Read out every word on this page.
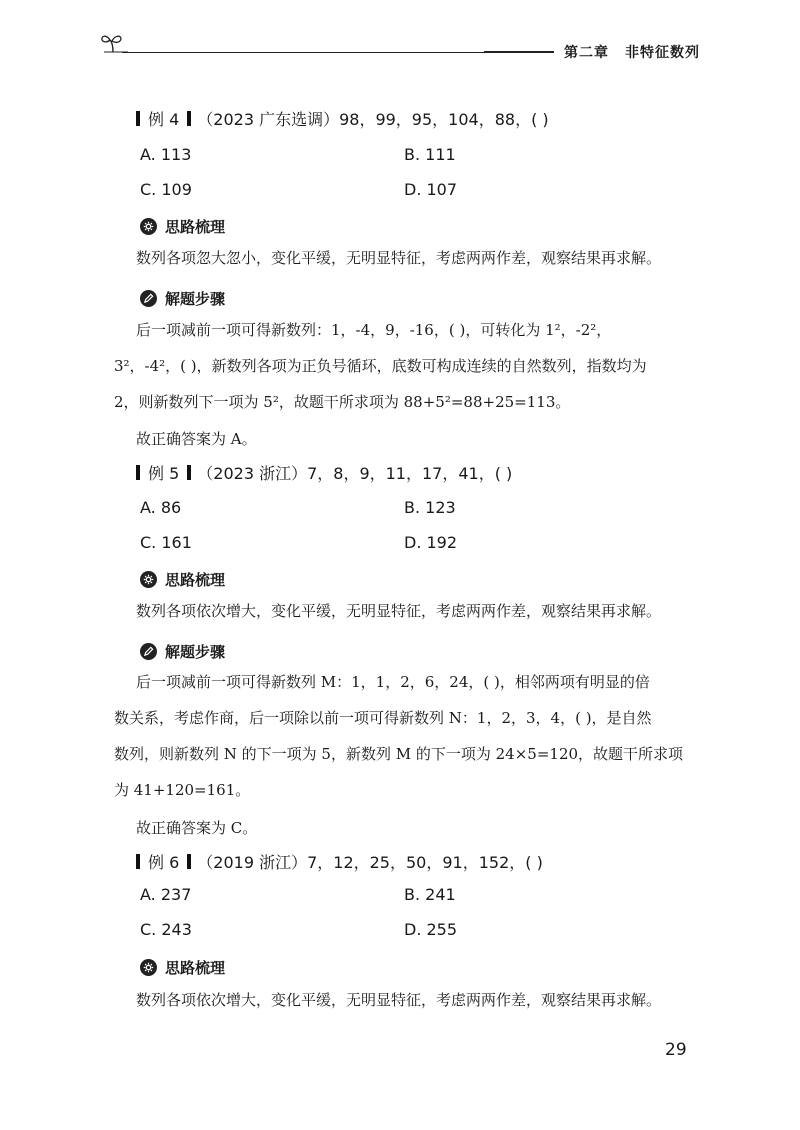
第二章 非特征数列
例 4 （2023 广东选调）98，99，95，104，88，( )
A. 113	B. 111
C. 109	D. 107
思路梳理
数列各项忽大忽小，变化平缓，无明显特征，考虑两两作差，观察结果再求解。
解题步骤
后一项减前一项可得新数列：1，-4，9，-16，( )，可转化为 1²，-2²，
3²，-4²，( )，新数列各项为正负号循环，底数可构成连续的自然数列，指数均为
2，则新数列下一项为 5²，故题干所求项为 88+5²=88+25=113。
故正确答案为 A。
例 5 （2023 浙江）7，8，9，11，17，41，( )
A. 86	B. 123
C. 161	D. 192
思路梳理
数列各项依次增大，变化平缓，无明显特征，考虑两两作差，观察结果再求解。
解题步骤
后一项减前一项可得新数列 M：1，1，2，6，24，( )，相邻两项有明显的倍
数关系，考虑作商，后一项除以前一项可得新数列 N：1，2，3，4，( )，是自然
数列，则新数列 N 的下一项为 5，新数列 M 的下一项为 24×5=120，故题干所求项
为 41+120=161。
故正确答案为 C。
例 6 （2019 浙江）7，12，25，50，91，152，( )
A. 237	B. 241
C. 243	D. 255
思路梳理
数列各项依次增大，变化平缓，无明显特征，考虑两两作差，观察结果再求解。
29
